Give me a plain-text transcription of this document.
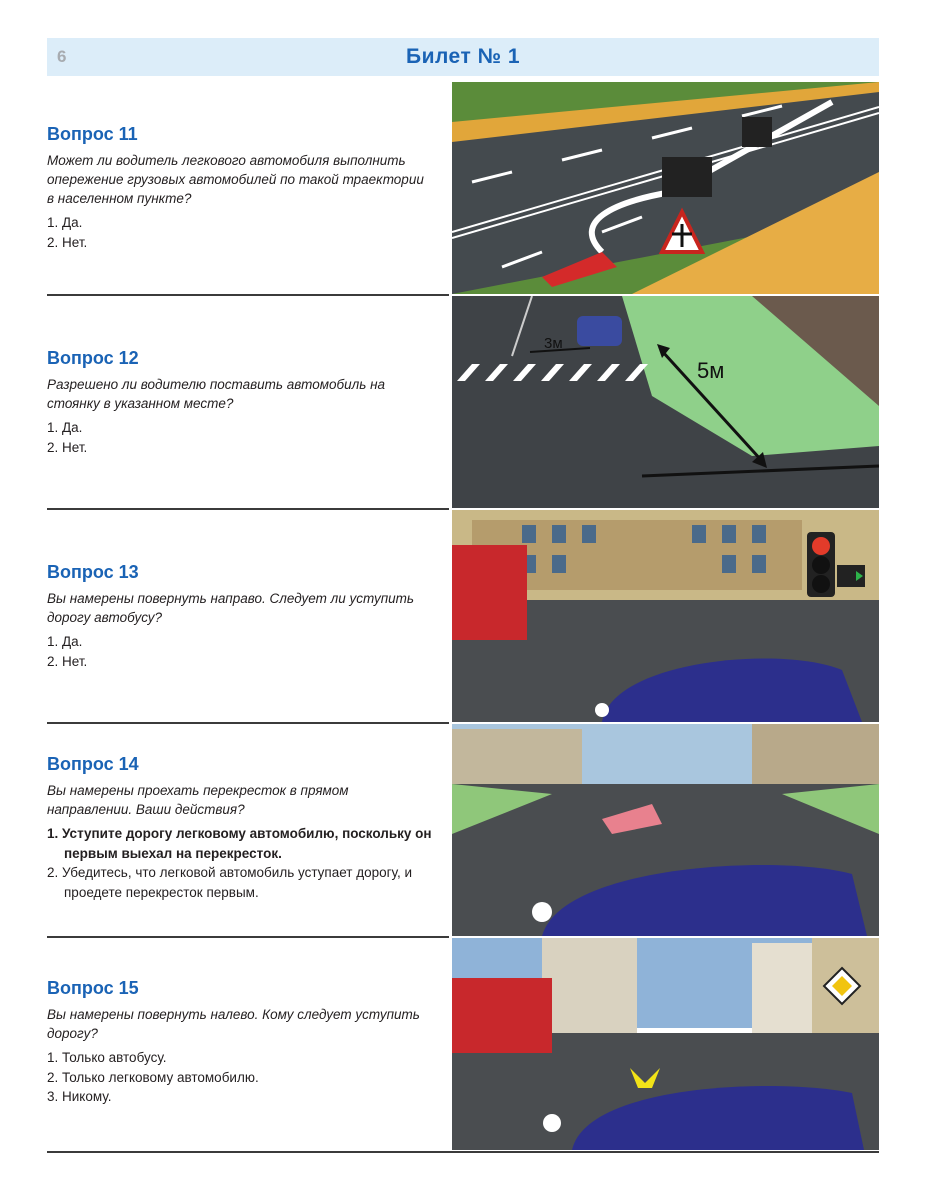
6	Билет № 1
Вопрос 11
Может ли водитель легкового автомобиля выполнить опережение грузовых автомобилей по такой траектории в населенном пункте?
1. Да.
2. Нет.
Вопрос 12
Разрешено ли водителю поставить автомобиль на стоянку в указанном месте?
1. Да.
2. Нет.
3м
5м
Вопрос 13
Вы намерены повернуть направо. Следует ли уступить дорогу автобусу?
1. Да.
2. Нет.
Вопрос 14
Вы намерены проехать перекресток в прямом направлении. Ваши действия?
1. Уступите дорогу легковому автомобилю, поскольку он первым выехал на перекресток.
2. Убедитесь, что легковой автомобиль уступает дорогу, и проедете перекресток первым.
Вопрос 15
Вы намерены повернуть налево. Кому следует уступить дорогу?
1. Только автобусу.
2. Только легковому автомобилю.
3. Никому.
